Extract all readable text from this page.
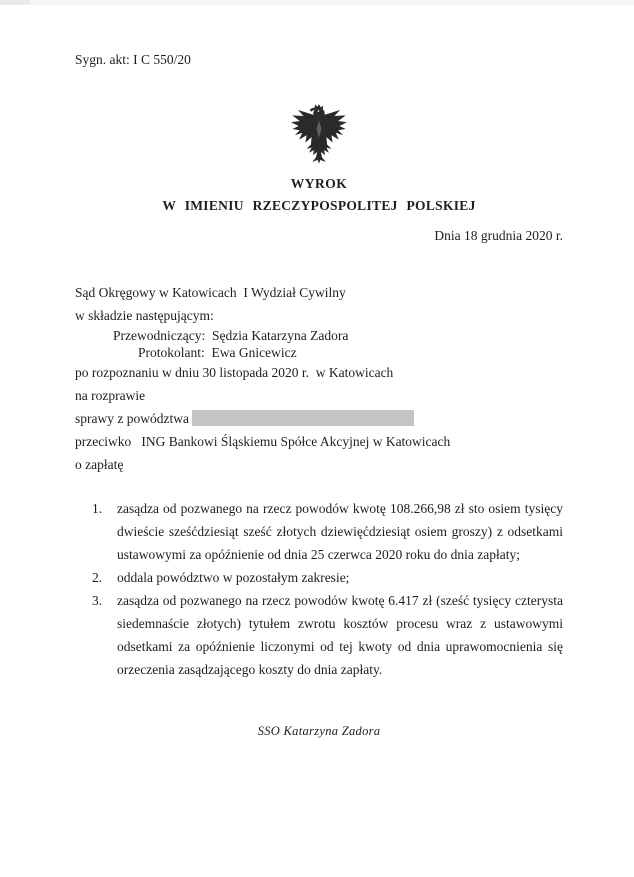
Sygn. akt: I C 550/20
WYROK
W IMIENIU RZECZYPOSPOLITEJ POLSKIEJ
Dnia 18 grudnia 2020 r.
Sąd Okręgowy w Katowicach  I Wydział Cywilny
w składzie następującym:
Przewodniczący:  Sędzia Katarzyna Zadora
Protokolant:  Ewa Gnicewicz
po rozpoznaniu w dniu 30 listopada 2020 r.  w Katowicach
na rozprawie
sprawy z powództwa
przeciwko   ING Bankowi Śląskiemu Spółce Akcyjnej w Katowicach
o zapłatę
1.	zasądza od pozwanego na rzecz powodów kwotę 108.266,98 zł sto osiem tysięcy dwieście sześćdziesiąt sześć złotych dziewięćdziesiąt osiem groszy) z odsetkami ustawowymi za opóźnienie od dnia 25 czerwca 2020 roku do dnia zapłaty;
2.	oddala powództwo w pozostałym zakresie;
3.	zasądza od pozwanego na rzecz powodów kwotę 6.417 zł (sześć tysięcy czterysta siedemnaście złotych) tytułem zwrotu kosztów procesu wraz z ustawowymi odsetkami za opóźnienie liczonymi od tej kwoty od dnia uprawomocnienia się orzeczenia zasądzającego koszty do dnia zapłaty.
SSO Katarzyna Zadora
